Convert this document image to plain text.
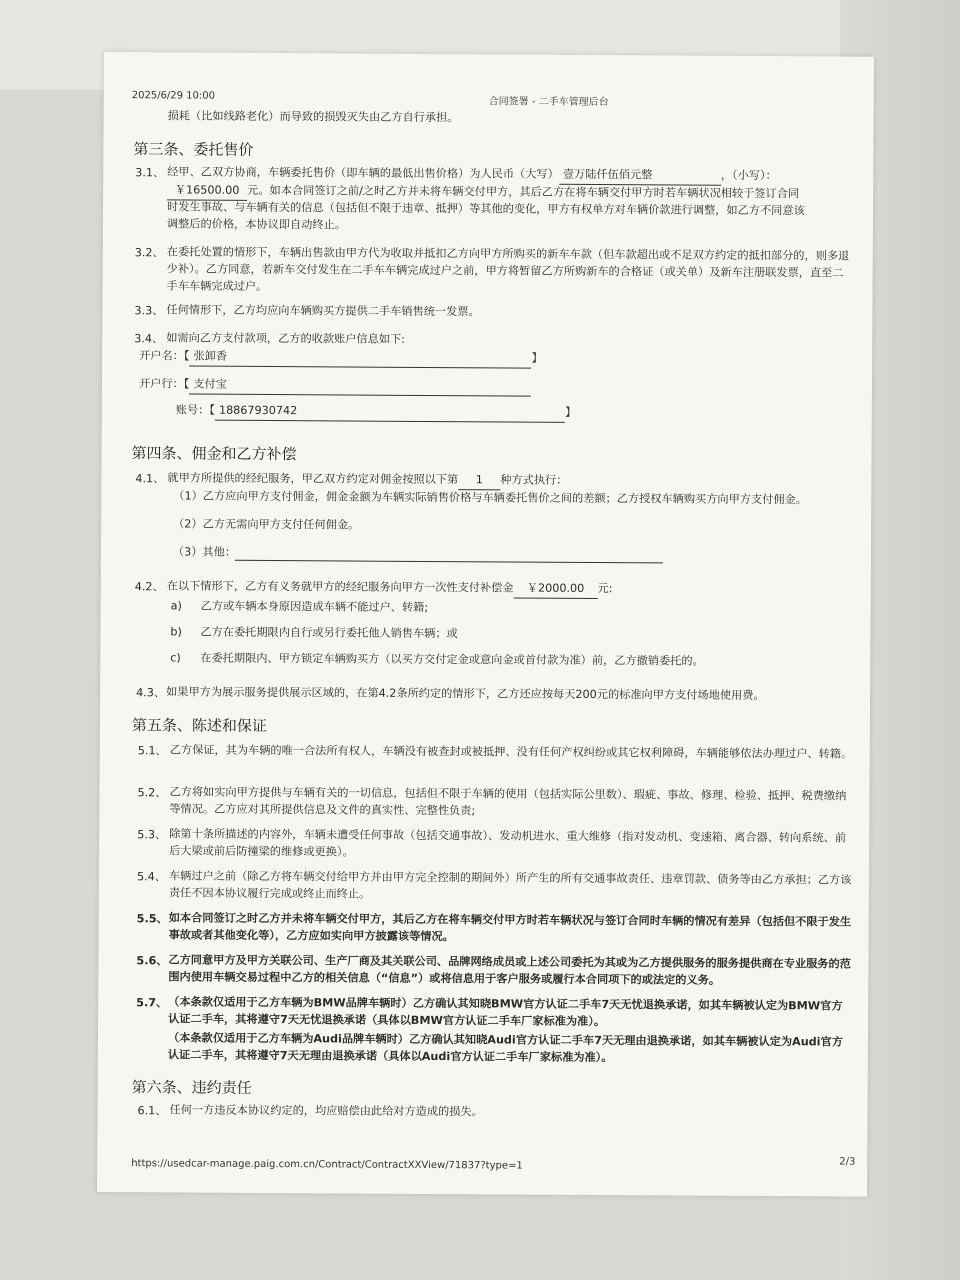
2025/6/29 10:00
合同签署 - 二手车管理后台
损耗（比如线路老化）而导致的损毁灭失由乙方自行承担。
第三条、委托售价
3.1、 经甲、乙双方协商，车辆委托售价（即车辆的最低出售价格）为人民币（大写） 壹万陆仟伍佰元整	，（小写）：
￥16500.00 元。如本合同签订之前/之时乙方并未将车辆交付甲方，其后乙方在将车辆交付甲方时若车辆状况相较于签订合同
时发生事故、与车辆有关的信息（包括但不限于违章、抵押）等其他的变化，甲方有权单方对车辆价款进行调整，如乙方不同意该
调整后的价格，本协议即自动终止。
3.2、 在委托处置的情形下，车辆出售款由甲方代为收取并抵扣乙方向甲方所购买的新车车款（但车款超出或不足双方约定的抵扣部分的，则多退少补）。乙方同意，若新车交付发生在二手车车辆完成过户之前，甲方将暂留乙方所购新车的合格证（或关单）及新车注册联发票，直至二手车车辆完成过户。
3.3、 任何情形下，乙方均应向车辆购买方提供二手车销售统一发票。
3.4、 如需向乙方支付款项，乙方的收款账户信息如下:
开户名：【 张卸香	】
开户行：【 支付宝
账号：【 18867930742	】
第四条、佣金和乙方补偿
4.1、 就甲方所提供的经纪服务，甲乙双方约定对佣金按照以下第 1 种方式执行：
（1）乙方应向甲方支付佣金，佣金金额为车辆实际销售价格与车辆委托售价之间的差额；乙方授权车辆购买方向甲方支付佣金。
（2）乙方无需向甲方支付任何佣金。
（3）其他：
4.2、 在以下情形下，乙方有义务就甲方的经纪服务向甲方一次性支付补偿金 ￥2000.00 元:
a) 乙方或车辆本身原因造成车辆不能过户、转籍;
b) 乙方在委托期限内自行或另行委托他人销售车辆；或
c) 在委托期限内、甲方锁定车辆购买方（以买方交付定金或意向金或首付款为准）前，乙方撤销委托的。
4.3、 如果甲方为展示服务提供展示区域的，在第4.2条所约定的情形下，乙方还应按每天200元的标准向甲方支付场地使用费。
第五条、陈述和保证
5.1、 乙方保证，其为车辆的唯一合法所有权人，车辆没有被查封或被抵押、没有任何产权纠纷或其它权利障碍，车辆能够依法办理过户、转籍。
5.2、 乙方将如实向甲方提供与车辆有关的一切信息，包括但不限于车辆的使用（包括实际公里数）、瑕疵、事故、修理、检验、抵押、税费缴纳等情况。乙方应对其所提供信息及文件的真实性、完整性负责;
5.3、 除第十条所描述的内容外，车辆未遭受任何事故（包括交通事故）、发动机进水、重大维修（指对发动机、变速箱、离合器、转向系统、前后大梁或前后防撞梁的维修或更换）。
5.4、 车辆过户之前（除乙方将车辆交付给甲方并由甲方完全控制的期间外）所产生的所有交通事故责任、违章罚款、债务等由乙方承担；乙方该责任不因本协议履行完成或终止而终止。
5.5、 如本合同签订之时乙方并未将车辆交付甲方，其后乙方在将车辆交付甲方时若车辆状况与签订合同时车辆的情况有差异（包括但不限于发生事故或者其他变化等），乙方应如实向甲方披露该等情况。
5.6、 乙方同意甲方及甲方关联公司、生产厂商及其关联公司、品牌网络成员或上述公司委托为其或为乙方提供服务的服务提供商在专业服务的范围内使用车辆交易过程中乙方的相关信息（“信息”）或将信息用于客户服务或履行本合同项下的或法定的义务。
5.7、 （本条款仅适用于乙方车辆为BMW品牌车辆时）乙方确认其知晓BMW官方认证二手车7天无忧退换承诺，如其车辆被认定为BMW官方认证二手车，其将遵守7天无忧退换承诺（具体以BMW官方认证二手车厂家标准为准）。
（本条款仅适用于乙方车辆为Audi品牌车辆时）乙方确认其知晓Audi官方认证二手车7天无理由退换承诺，如其车辆被认定为Audi官方认证二手车，其将遵守7天无理由退换承诺（具体以Audi官方认证二手车厂家标准为准）。
第六条、违约责任
6.1、 任何一方违反本协议约定的，均应赔偿由此给对方造成的损失。
https://usedcar-manage.paig.com.cn/Contract/ContractXXView/71837?type=1	2/3
